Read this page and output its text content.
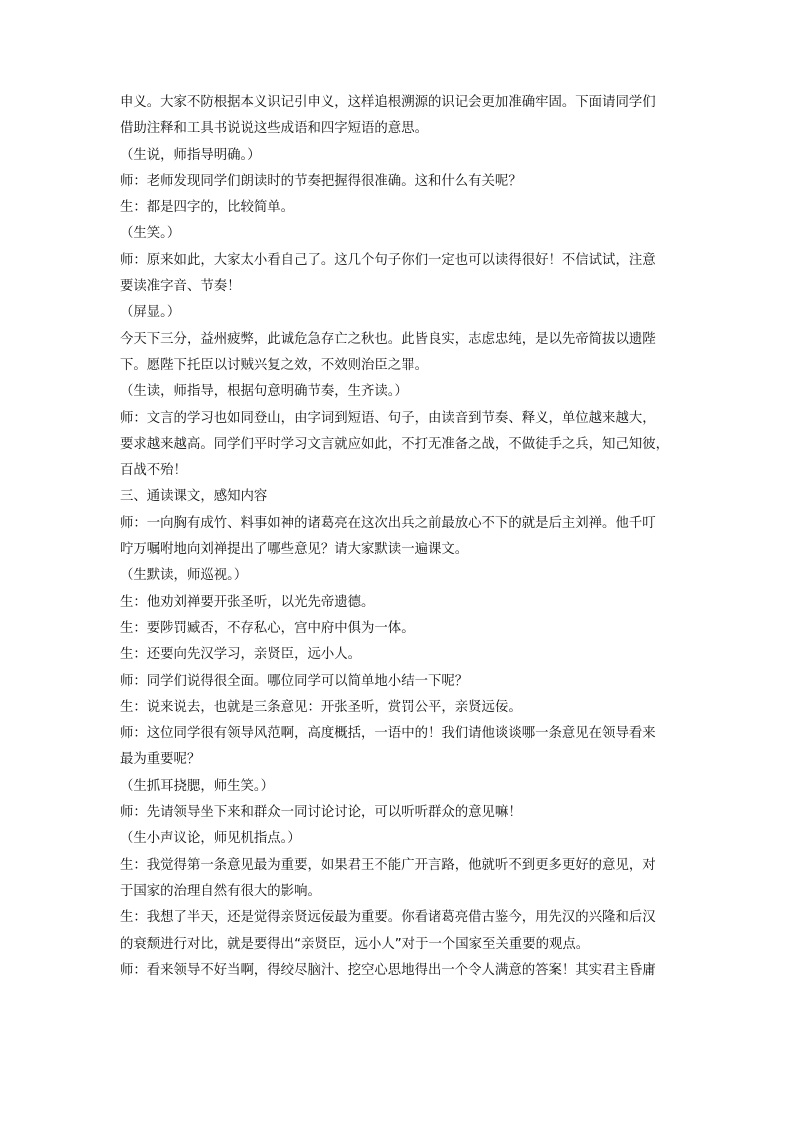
申义。大家不防根据本义识记引申义，这样追根溯源的识记会更加准确牢固。下面请同学们
借助注释和工具书说说这些成语和四字短语的意思。
（生说，师指导明确。）
师：老师发现同学们朗读时的节奏把握得很准确。这和什么有关呢？
生：都是四字的，比较简单。
（生笑。）
师：原来如此，大家太小看自己了。这几个句子你们一定也可以读得很好！不信试试，注意
要读准字音、节奏！
（屏显。）
今天下三分，益州疲弊，此诚危急存亡之秋也。此皆良实，志虑忠纯，是以先帝简拔以遗陛
下。愿陛下托臣以讨贼兴复之效，不效则治臣之罪。
（生读，师指导，根据句意明确节奏，生齐读。）
师：文言的学习也如同登山，由字词到短语、句子，由读音到节奏、释义，单位越来越大，
要求越来越高。同学们平时学习文言就应如此，不打无准备之战，不做徒手之兵，知己知彼，
百战不殆！
三、通读课文，感知内容
师：一向胸有成竹、料事如神的诸葛亮在这次出兵之前最放心不下的就是后主刘禅。他千叮
咛万嘱咐地向刘禅提出了哪些意见？请大家默读一遍课文。
（生默读，师巡视。）
生：他劝刘禅要开张圣听，以光先帝遗德。
生：要陟罚臧否，不存私心，宫中府中俱为一体。
生：还要向先汉学习，亲贤臣，远小人。
师：同学们说得很全面。哪位同学可以简单地小结一下呢？
生：说来说去，也就是三条意见：开张圣听，赏罚公平，亲贤远佞。
师：这位同学很有领导风范啊，高度概括，一语中的！我们请他谈谈哪一条意见在领导看来
最为重要呢？
（生抓耳挠腮，师生笑。）
师：先请领导坐下来和群众一同讨论讨论，可以听听群众的意见嘛！
（生小声议论，师见机指点。）
生：我觉得第一条意见最为重要，如果君王不能广开言路，他就听不到更多更好的意见，对
于国家的治理自然有很大的影响。
生：我想了半天，还是觉得亲贤远佞最为重要。你看诸葛亮借古鉴今，用先汉的兴隆和后汉
的衰颓进行对比，就是要得出“亲贤臣，远小人”对于一个国家至关重要的观点。
师：看来领导不好当啊，得绞尽脑汁、挖空心思地得出一个令人满意的答案！其实君主昏庸
